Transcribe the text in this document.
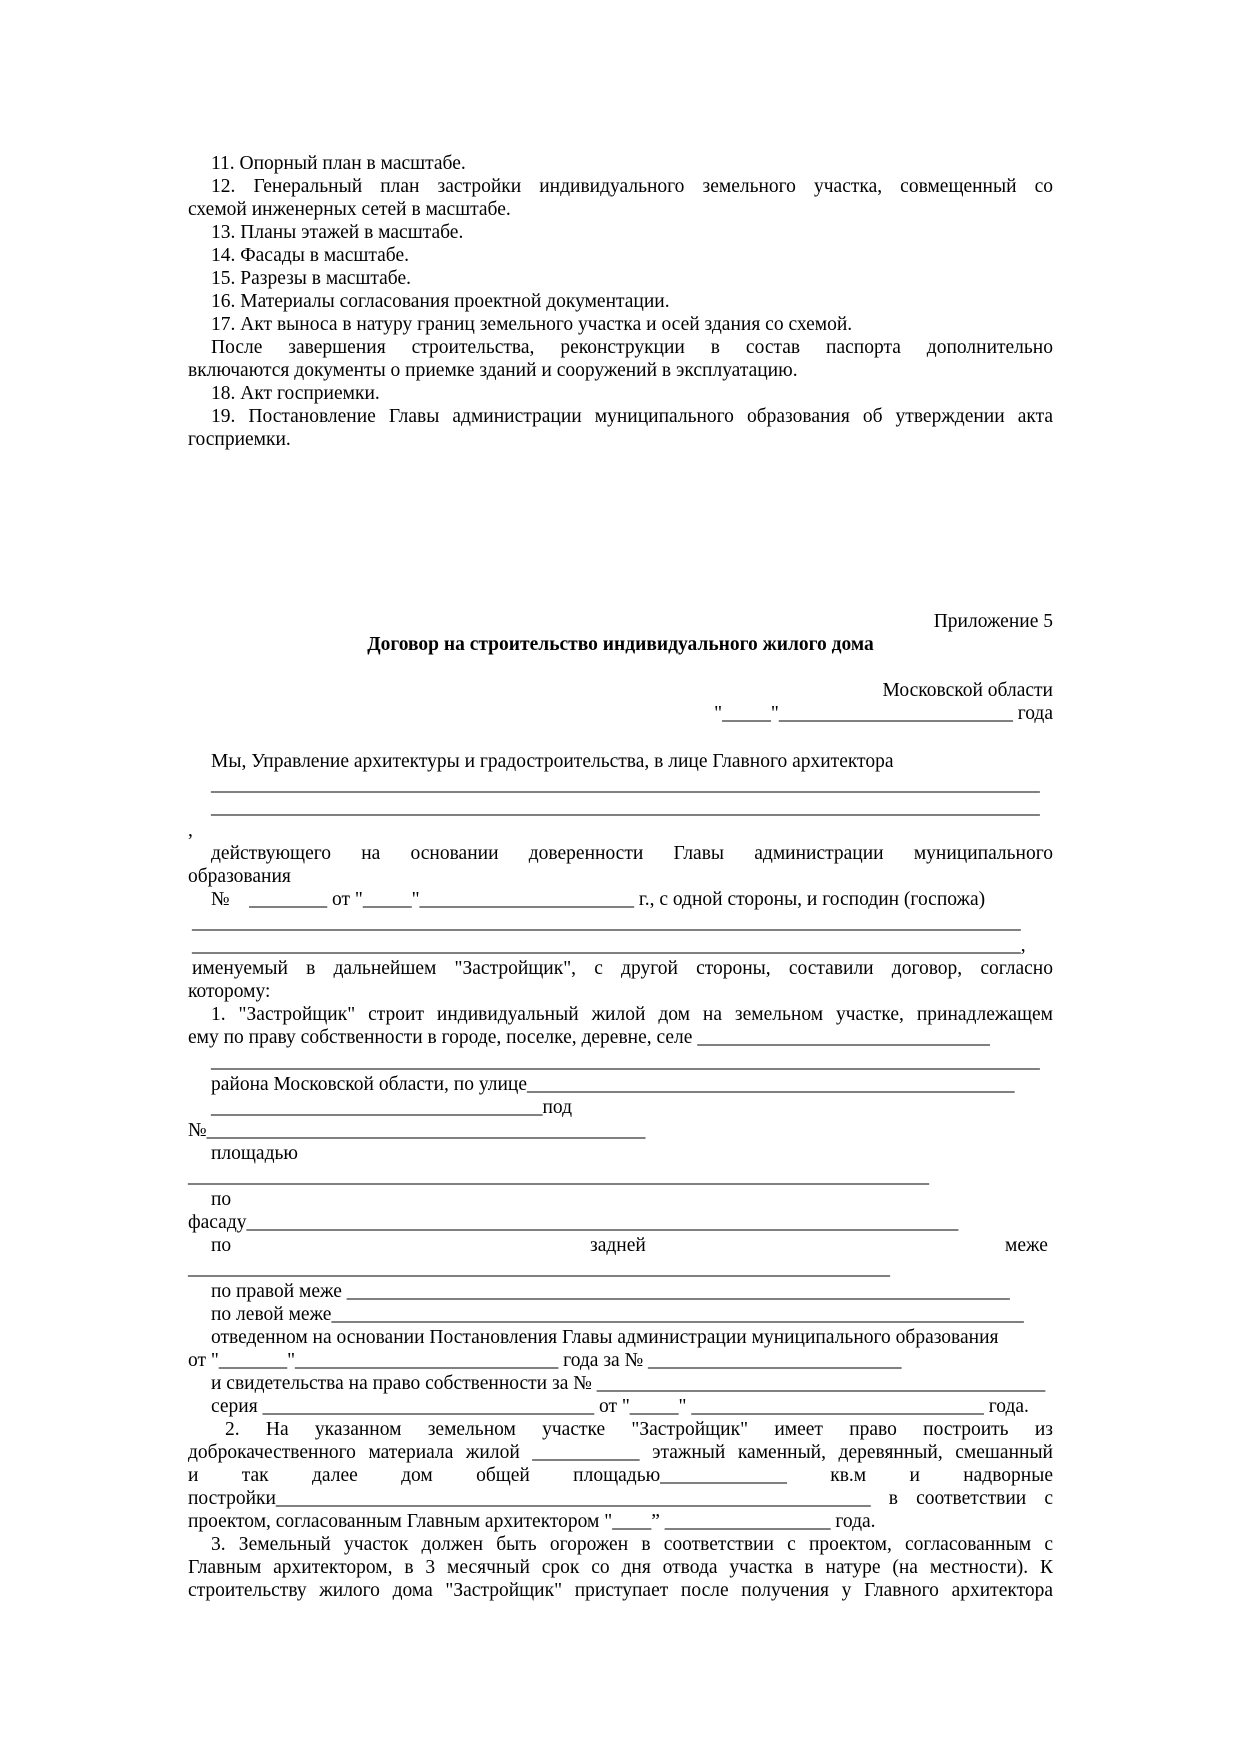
11. Опорный план в масштабе.

12. Генеральный план застройки индивидуального земельного участка, совмещенный со

схемой инженерных сетей в масштабе.

13. Планы этажей в масштабе.

14. Фасады в масштабе.

15. Разрезы в масштабе.

16. Материалы согласования проектной документации.

17. Акт выноса в натуру границ земельного участка и осей здания со схемой.

После завершения строительства, реконструкции в состав паспорта дополнительно

включаются документы о приемке зданий и сооружений в эксплуатацию.

18. Акт госприемки.

19. Постановление Главы администрации муниципального образования об утверждении акта

госприемки.

Приложение 5

Договор на строительство индивидуального жилого дома

Московской области

"_____"________________________ года

Мы, Управление архитектуры и градостроительства, в лице Главного архитектора

_____________________________________________________________________________________

_____________________________________________________________________________________

,

действующего на основании доверенности Главы администрации муниципального

образования

№    ________ от "_____"______________________ г., с одной стороны, и господин (госпожа)

_____________________________________________________________________________________

_____________________________________________________________________________________,

именуемый в дальнейшем "Застройщик", с другой стороны, составили договор, согласно

которому:

1. "Застройщик" строит индивидуальный жилой дом на земельном участке, принадлежащем

ему по праву собственности в городе, поселке, деревне, селе ______________________________

_____________________________________________________________________________________

района Московской области, по улице__________________________________________________

__________________________________под

№_____________________________________________

площадью

____________________________________________________________________________

по

фасаду_________________________________________________________________________

по	задней	меже

________________________________________________________________________

по правой меже ____________________________________________________________________

по левой меже_______________________________________________________________________

отведенном на основании Постановления Главы администрации муниципального образования

от "_______"___________________________ года за № __________________________

и свидетельства на право собственности за № ______________________________________________

серия __________________________________ от "_____" ______________________________ года.

2. На указанном земельном участке "Застройщик" имеет право построить из

доброкачественного материала жилой ___________ этажный каменный, деревянный, смешанный

и так далее дом общей площадью_____________ кв.м и надворные

постройки_____________________________________________________________ в соответствии с

проектом, согласованным Главным архитектором "____” _________________ года.

3. Земельный участок должен быть огорожен в соответствии с проектом, согласованным с

Главным архитектором, в 3 месячный срок со дня отвода участка в натуре (на местности). К

строительству жилого дома "Застройщик" приступает после получения у Главного архитектора
